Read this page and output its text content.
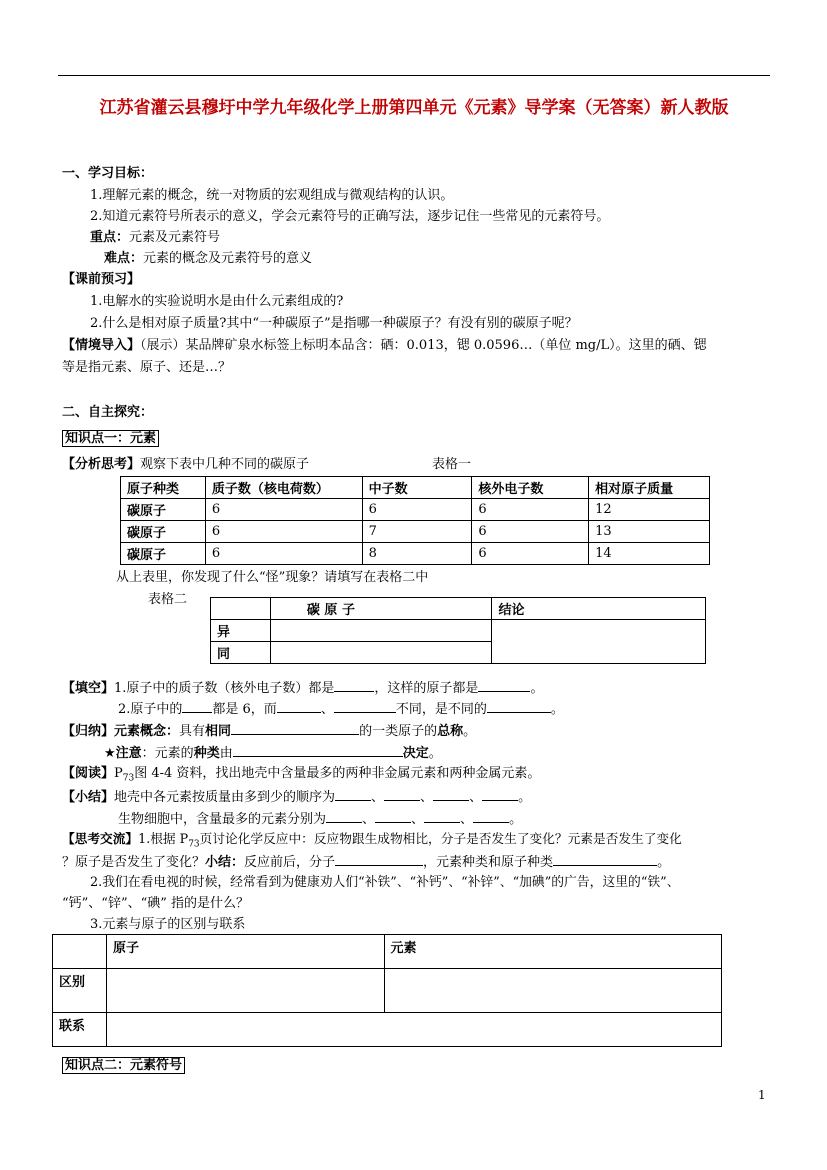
江苏省灌云县穆圩中学九年级化学上册第四单元《元素》导学案（无答案）新人教版
一、学习目标：
1.理解元素的概念，统一对物质的宏观组成与微观结构的认识。
2.知道元素符号所表示的意义，学会元素符号的正确写法，逐步记住一些常见的元素符号。
重点：元素及元素符号
难点：元素的概念及元素符号的意义
【课前预习】
1.电解水的实验说明水是由什么元素组成的?
2.什么是相对原子质量?其中“一种碳原子”是指哪一种碳原子？有没有别的碳原子呢？
【情境导入】（展示）某品牌矿泉水标签上标明本品含：硒：0.013，锶 0.0596…（单位 mg/L）。这里的硒、锶
等是指元素、原子、还是…？
二、自主探究：
知识点一：元素
【分析思考】观察下表中几种不同的碳原子	表格一
原子种类	质子数（核电荷数）	中子数	核外电子数	相对原子质量
碳原子	6	6	6	12
碳原子	6	7	6	13
碳原子	6	8	6	14
从上表里，你发现了什么“怪”现象？请填写在表格二中
表格二
	碳 原 子	结论
异		
同		
【填空】1.原子中的质子数（核外电子数）都是	，这样的原子都是	。
2.原子中的 都是 6，而	、	不同，是不同的	。
【归纳】元素概念：具有相同	的一类原子的总称。
★注意：元素的种类由	决定。
【阅读】$P_{73}$图 4-4 资料，找出地壳中含量最多的两种非金属元素和两种金属元素。
【小结】地壳中各元素按质量由多到少的顺序为	、	、	、	。
生物细胞中，含量最多的元素分别为	、	、	、	。
【思考交流】1.根据 $P_{73}$页讨论化学反应中：反应物跟生成物相比，分子是否发生了变化？元素是否发生了变化
？原子是否发生了变化？小结：反应前后，分子	，元素种类和原子种类	。
2.我们在看电视的时候，经常看到为健康劝人们“补铁”、“补钙”、“补锌”、“加碘”的广告，这里的“铁”、
“钙”、“锌”、“碘” 指的是什么？
3.元素与原子的区别与联系
	原子	元素
区别		
联系		
知识点二：元素符号
1
